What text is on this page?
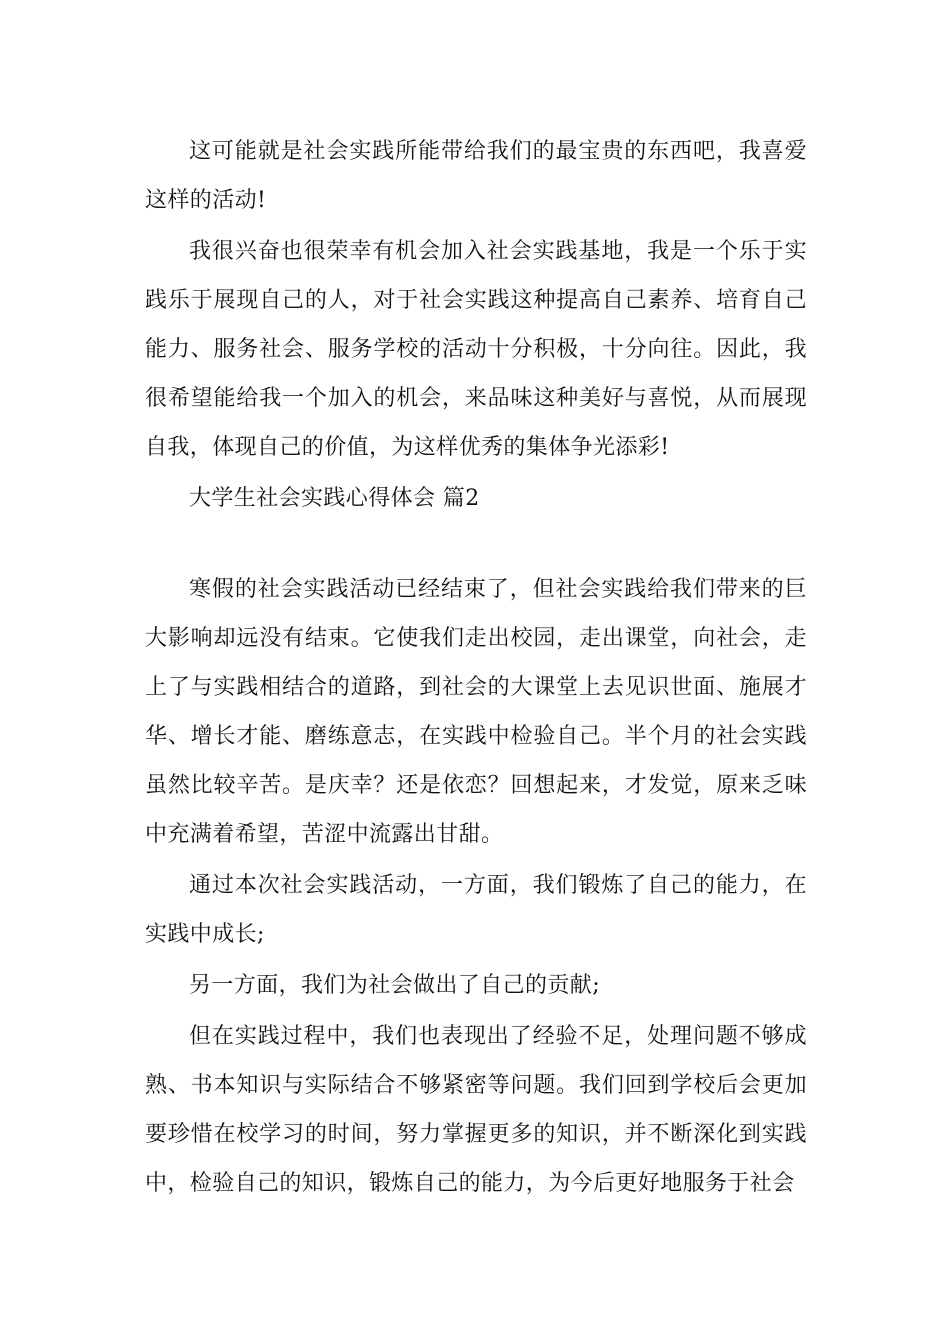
这可能就是社会实践所能带给我们的最宝贵的东西吧，我喜爱这样的活动!

我很兴奋也很荣幸有机会加入社会实践基地，我是一个乐于实践乐于展现自己的人，对于社会实践这种提高自己素养、培育自己能力、服务社会、服务学校的活动十分积极，十分向往。因此，我很希望能给我一个加入的机会，来品味这种美好与喜悦，从而展现自我，体现自己的价值，为这样优秀的集体争光添彩!

大学生社会实践心得体会 篇2

寒假的社会实践活动已经结束了，但社会实践给我们带来的巨大影响却远没有结束。它使我们走出校园，走出课堂，向社会，走上了与实践相结合的道路，到社会的大课堂上去见识世面、施展才华、增长才能、磨练意志，在实践中检验自己。半个月的社会实践虽然比较辛苦。是庆幸？还是依恋？回想起来，才发觉，原来乏味中充满着希望，苦涩中流露出甘甜。

通过本次社会实践活动，一方面，我们锻炼了自己的能力，在实践中成长;

另一方面，我们为社会做出了自己的贡献;

但在实践过程中，我们也表现出了经验不足，处理问题不够成熟、书本知识与实际结合不够紧密等问题。我们回到学校后会更加要珍惜在校学习的时间，努力掌握更多的知识，并不断深化到实践中，检验自己的知识，锻炼自己的能力，为今后更好地服务于社会
